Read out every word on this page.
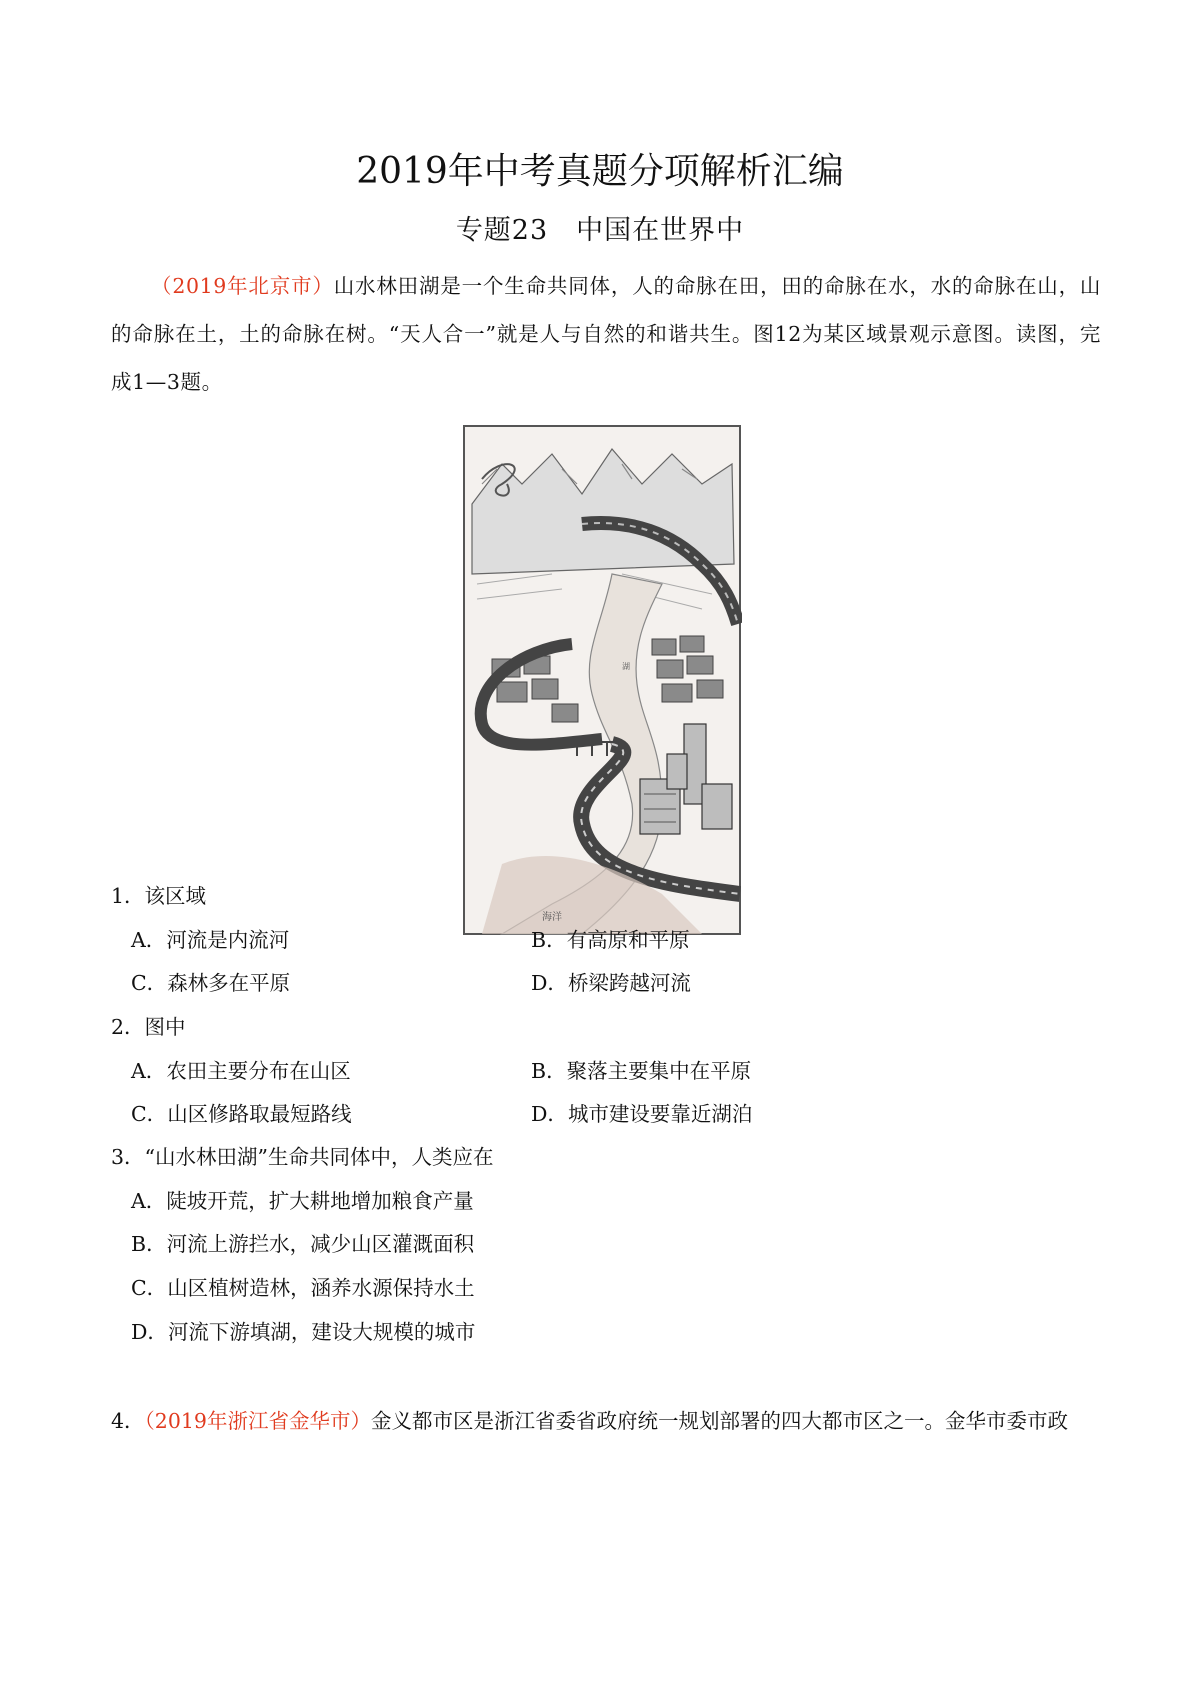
2019年中考真题分项解析汇编
专题23　中国在世界中
（2019年北京市）山水林田湖是一个生命共同体，人的命脉在田，田的命脉在水，水的命脉在山，山的命脉在土，土的命脉在树。“天人合一”就是人与自然的和谐共生。图12为某区域景观示意图。读图，完成1—3题。
海洋
湖
1．该区域
A．河流是内流河	B．有高原和平原
C．森林多在平原	D．桥梁跨越河流
2．图中
A．农田主要分布在山区	B．聚落主要集中在平原
C．山区修路取最短路线	D．城市建设要靠近湖泊
3．“山水林田湖”生命共同体中，人类应在
A．陡坡开荒，扩大耕地增加粮食产量
B．河流上游拦水，减少山区灌溉面积
C．山区植树造林，涵养水源保持水土
D．河流下游填湖，建设大规模的城市
4．（2019年浙江省金华市）金义都市区是浙江省委省政府统一规划部署的四大都市区之一。金华市委市政
